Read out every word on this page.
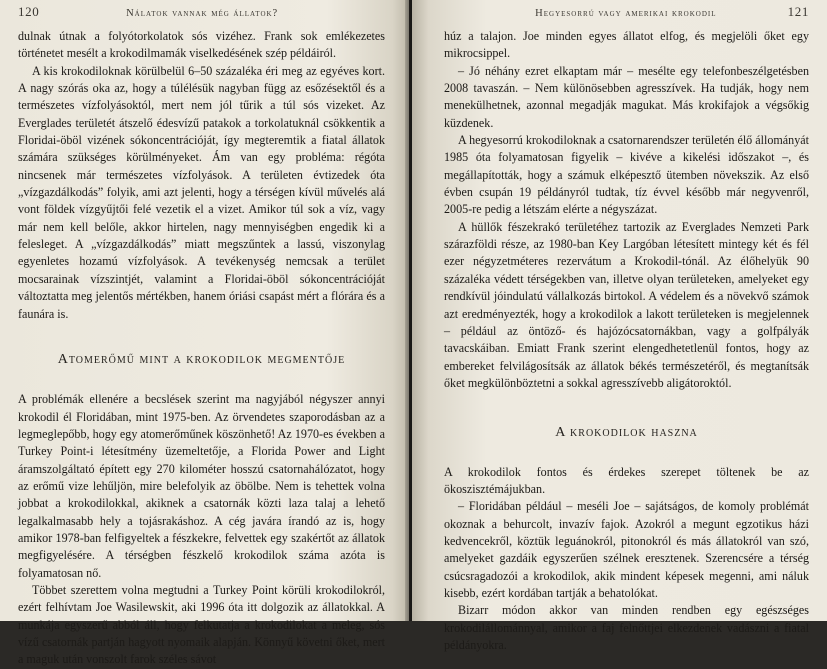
120	Nálatok vannak még állatok?

dulnak útnak a folyótorkolatok sós vizéhez. Frank sok emlékezetes történetet mesélt a krokodilmamák viselkedésének szép példáiról.

A kis krokodiloknak körülbelül 6–50 százaléka éri meg az egyéves kort. A nagy szórás oka az, hogy a túlélésük nagyban függ az esőzésektől és a természetes vízfolyásoktól, mert nem jól tűrik a túl sós vizeket. Az Everglades területét átszelő édesvízű patakok a torkolatuknál csökkentik a Floridai-öböl vizének sókoncentrációját, így megteremtik a fiatal állatok számára szükséges körülményeket. Ám van egy probléma: régóta nincsenek már természetes vízfolyások. A területen évtizedek óta „vízgazdálkodás” folyik, ami azt jelenti, hogy a térségen kívül művelés alá vont földek vízgyűjtői felé vezetik el a vizet. Amikor túl sok a víz, vagy már nem kell belőle, akkor hirtelen, nagy mennyiségben engedik ki a felesleget. A „vízgazdálkodás” miatt megszűntek a lassú, viszonylag egyenletes hozamú vízfolyások. A tevékenység nemcsak a terület mocsarainak vízszintjét, valamint a Floridai-öböl sókoncentrációját változtatta meg jelentős mértékben, hanem óriási csapást mért a flórára és a faunára is.

Atomerőmű mint a krokodilok megmentője

A problémák ellenére a becslések szerint ma nagyjából négyszer annyi krokodil él Floridában, mint 1975-ben. Az örvendetes szaporodásban az a legmeglepőbb, hogy egy atomerőműnek köszönhető! Az 1970-es években a Turkey Point-i létesítmény üzemeltetője, a Florida Power and Light áramszolgáltató épített egy 270 kilométer hosszú csatornahálózatot, hogy az erőmű vize lehűljön, mire belefolyik az öbölbe. Nem is tehettek volna jobbat a krokodilokkal, akiknek a csatornák közti laza talaj a lehető legalkalmasabb hely a tojásrakáshoz. A cég javára írandó az is, hogy amikor 1978-ban felfigyeltek a fészkekre, felvettek egy szakértőt az állatok megfigyelésére. A térségben fészkelő krokodilok száma azóta is folyamatosan nő.

Többet szerettem volna megtudni a Turkey Point körüli krokodilokról, ezért felhívtam Joe Wasilewskit, aki 1996 óta itt dolgozik az állatokkal. A munkája egyszerű abból áll, hogy felkutatja a krokodilokat a meleg, sós vízű csatornák partján hagyott nyomaik alapján. Könnyű követni őket, mert a maguk után vonszolt farok széles sávot

Hegyesorrú vagy amerikai krokodil	121

húz a talajon. Joe minden egyes állatot elfog, és megjelöli őket egy mikrocsippel.

– Jó néhány ezret elkaptam már – mesélte egy telefonbeszélgetésben 2008 tavaszán. – Nem különösebben agresszívek. Ha tudják, hogy nem menekülhetnek, azonnal megadják magukat. Más krokifajok a végsőkig küzdenek.

A hegyesorrú krokodiloknak a csatornarendszer területén élő állományát 1985 óta folyamatosan figyelik – kivéve a kikelési időszakot –, és megállapították, hogy a számuk elképesztő ütemben növekszik. Az első évben csupán 19 példányról tudtak, tíz évvel később már negyvenről, 2005-re pedig a létszám elérte a négyszázat.

A hüllők fészekrakó területéhez tartozik az Everglades Nemzeti Park szárazföldi része, az 1980-ban Key Largóban létesített mintegy két és fél ezer négyzetméteres rezervátum a Krokodil-tónál. Az élőhelyük 90 százaléka védett térségekben van, illetve olyan területeken, amelyeket egy rendkívül jóindulatú vállalkozás birtokol. A védelem és a növekvő számok azt eredményezték, hogy a krokodilok a lakott területeken is megjelennek – például az öntöző- és hajózócsatornákban, vagy a golfpályák tavacskáiban. Emiatt Frank szerint elengedhetetlenül fontos, hogy az embereket felvilágosítsák az állatok békés természetéről, és megtanítsák őket megkülönböztetni a sokkal agresszívebb aligátoroktól.

A krokodilok haszna

A krokodilok fontos és érdekes szerepet töltenek be az ökoszisztémájukban.

– Floridában például – meséli Joe – sajátságos, de komoly problémát okoznak a behurcolt, invazív fajok. Azokról a megunt egzotikus házi kedvencekről, köztük leguánokról, pitonokról és más állatokról van szó, amelyeket gazdáik egyszerűen szélnek eresztenek. Szerencsére a térség csúcsragadozói a krokodilok, akik mindent képesek megenni, ami náluk kisebb, ezért kordában tartják a behatolókat.

Bizarr módon akkor van minden rendben egy egészséges krokodilállománnyal, amikor a faj felnőttjei elkezdenek vadászni a fiatal példányokra.
